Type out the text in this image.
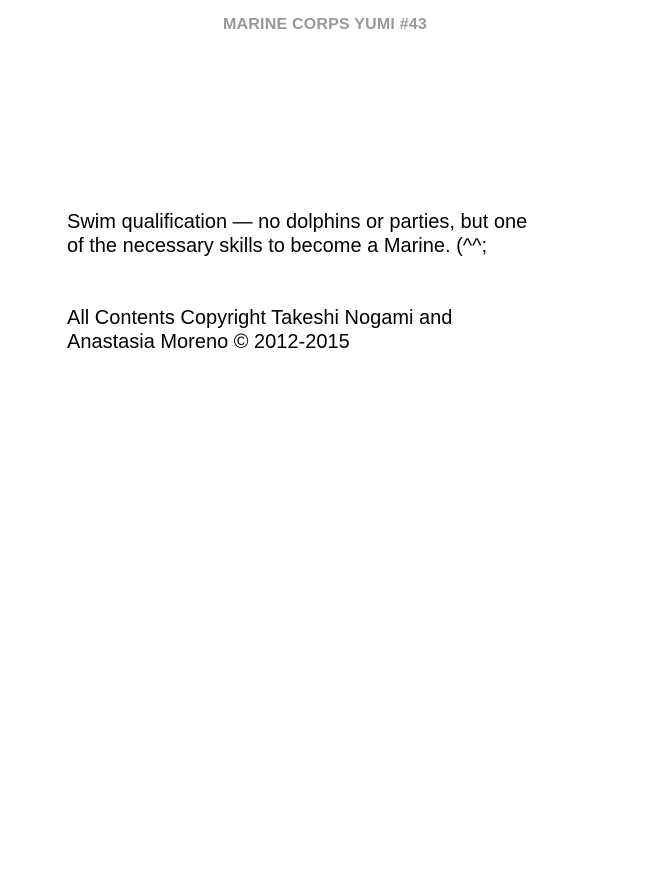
MARINE CORPS YUMI #43
Swim qualification — no dolphins or parties, but one
of the necessary skills to become a Marine. (^^;
All Contents Copyright Takeshi Nogami and
Anastasia Moreno © 2012-2015
